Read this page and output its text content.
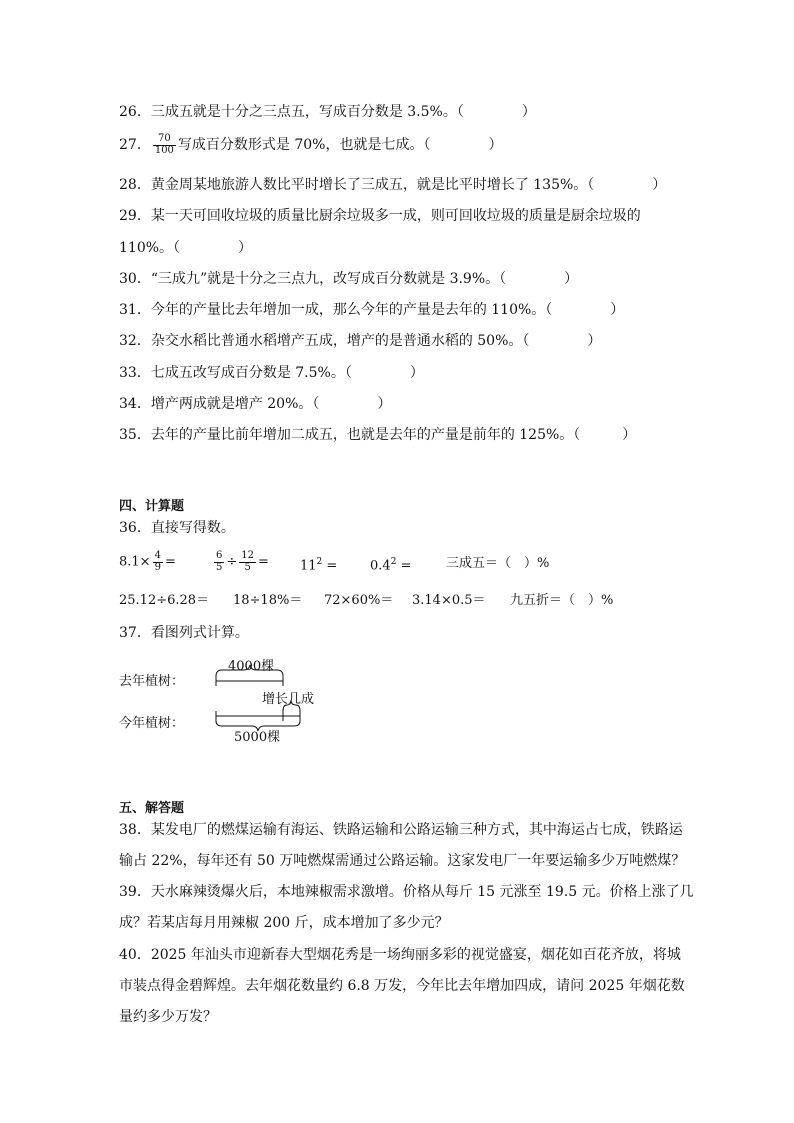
26．三成五就是十分之三点五，写成百分数是 3.5%。（	）
27． $\frac{70}{100}$ 写成百分数形式是 70%，也就是七成。（	）
28．黄金周某地旅游人数比平时增长了三成五，就是比平时增长了 135%。（	）
29．某一天可回收垃圾的质量比厨余垃圾多一成，则可回收垃圾的质量是厨余垃圾的
110%。（	）
30．“三成九”就是十分之三点九，改写成百分数就是 3.9%。（	）
31．今年的产量比去年增加一成，那么今年的产量是去年的 110%。（	）
32．杂交水稻比普通水稻增产五成，增产的是普通水稻的 50%。（	）
33．七成五改写成百分数是 7.5%。（	）
34．增产两成就是增产 20%。（	）
35．去年的产量比前年增加二成五，也就是去年的产量是前年的 125%。（	）
四、计算题
36．直接写得数。
$8.1\times \frac{4}{9}$ =	$\frac{6}{5} \div \frac{12}{5} = 11^2$ =	$0.4^2$ =	三成五＝（　）%
25.12÷6.28＝ 18÷18%＝ 72×60%＝ 3.14×0.5＝ 九五折＝（　）%
37．看图列式计算。
去年植树：
今年植树：
4000棵
增长几成
5000棵
五、解答题
38．某发电厂的燃煤运输有海运、铁路运输和公路运输三种方式，其中海运占七成，铁路运
输占 22%，每年还有 50 万吨燃煤需通过公路运输。这家发电厂一年要运输多少万吨燃煤？
39．天水麻辣烫爆火后，本地辣椒需求激增。价格从每斤 15 元涨至 19.5 元。价格上涨了几
成？若某店每月用辣椒 200 斤，成本增加了多少元？
40．2025 年汕头市迎新春大型烟花秀是一场绚丽多彩的视觉盛宴，烟花如百花齐放，将城
市装点得金碧辉煌。去年烟花数量约 6.8 万发，今年比去年增加四成，请问 2025 年烟花数
量约多少万发？
